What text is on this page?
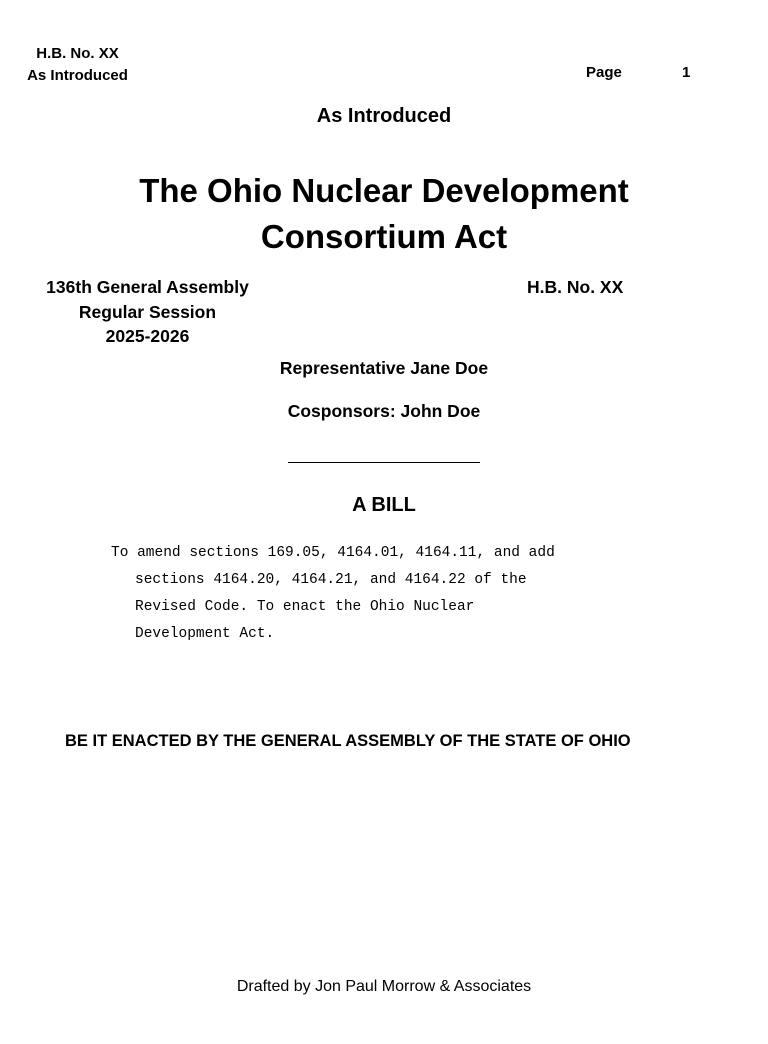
H.B. No. XX
As Introduced	Page	1
As Introduced
The Ohio Nuclear Development
Consortium Act
136th General Assembly
Regular Session
2025-2026
H.B. No. XX
Representative Jane Doe
Cosponsors: John Doe
A BILL
To amend sections 169.05, 4164.01, 4164.11, and add
sections 4164.20, 4164.21, and 4164.22 of the
Revised Code. To enact the Ohio Nuclear
Development Act.
BE IT ENACTED BY THE GENERAL ASSEMBLY OF THE STATE OF OHIO
Drafted by Jon Paul Morrow & Associates
